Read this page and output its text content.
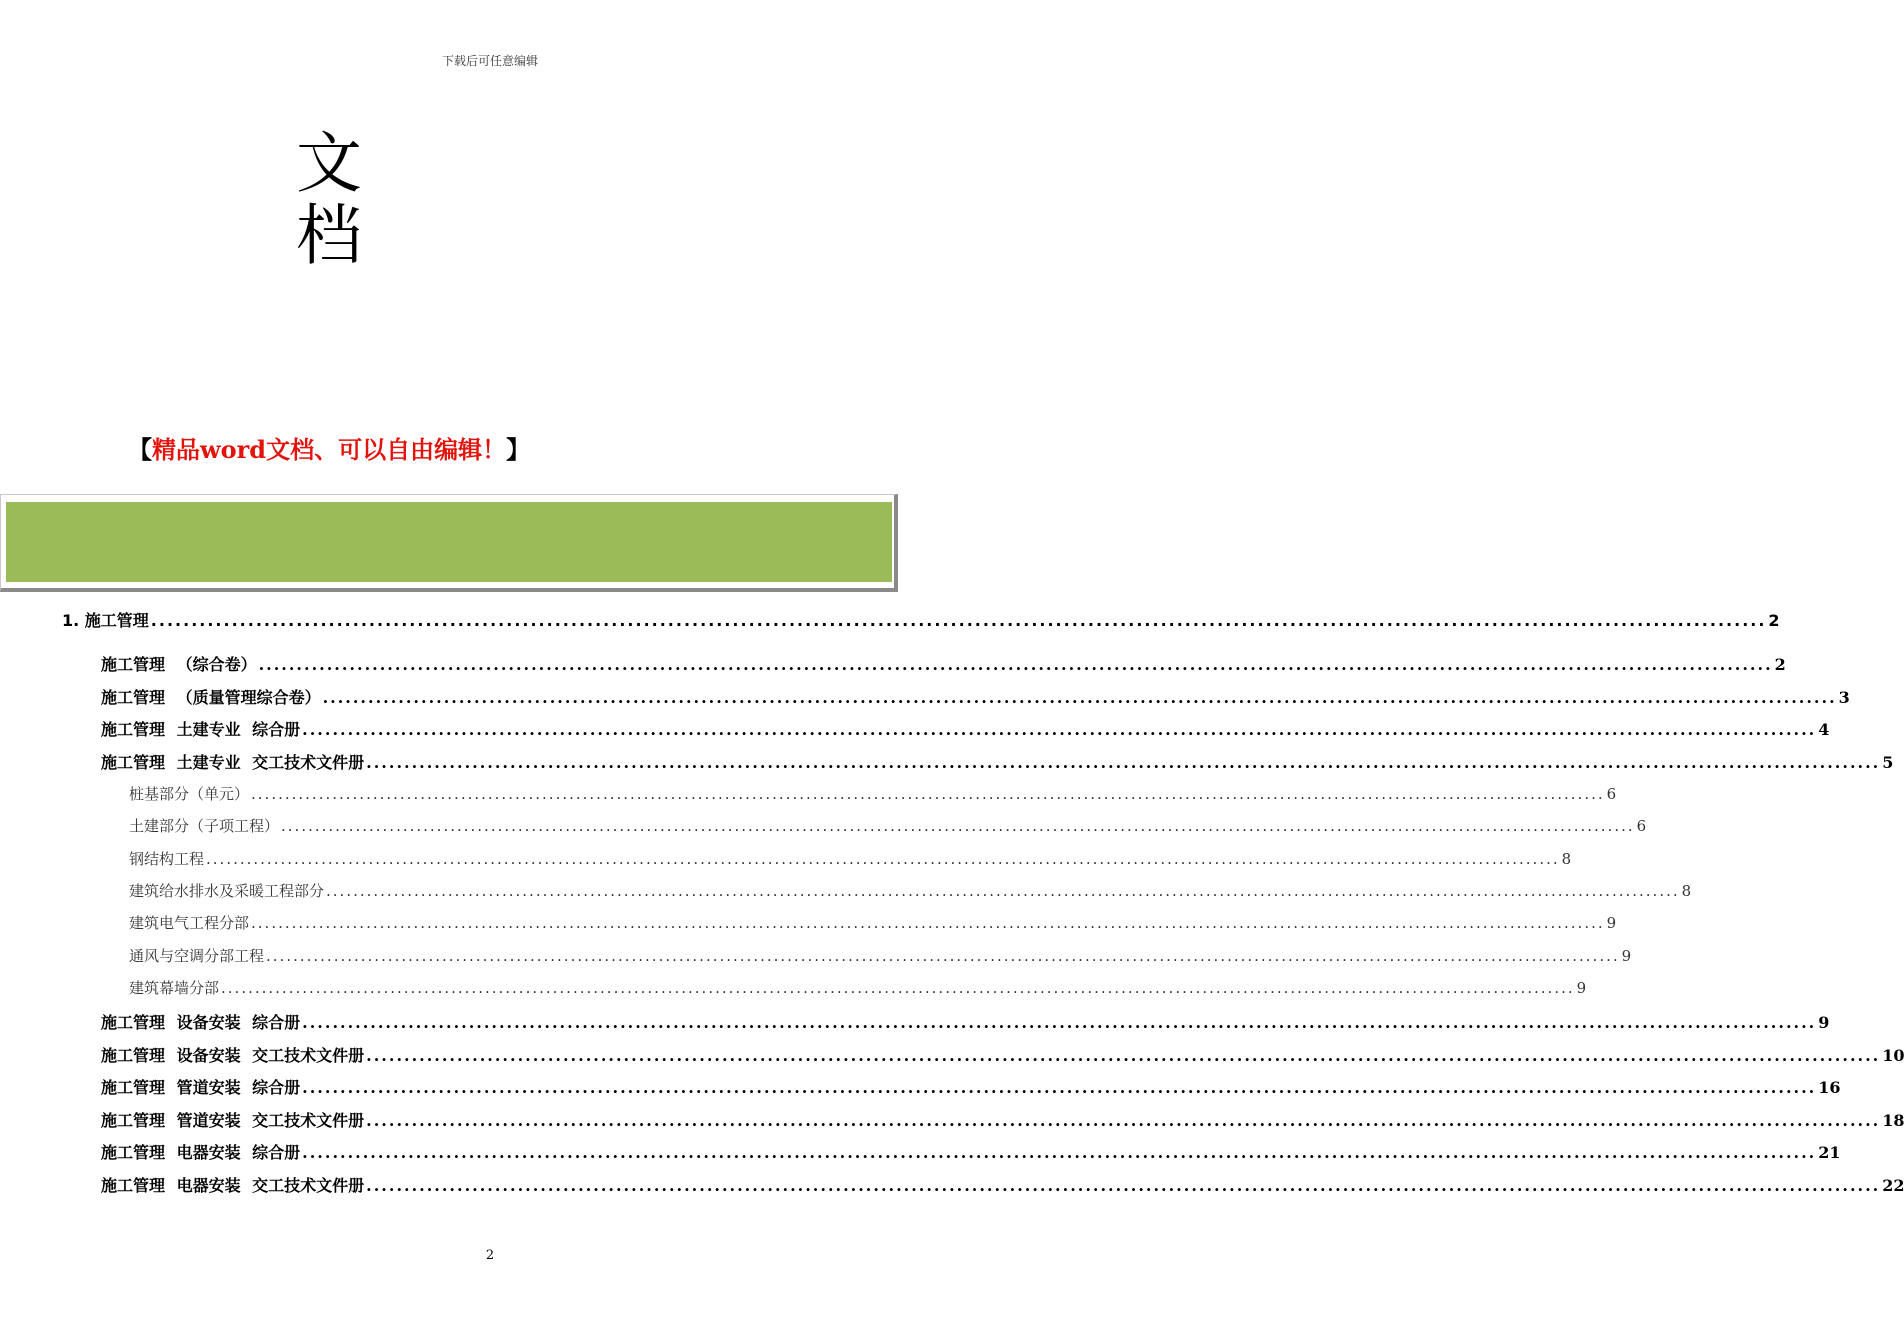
下载后可任意编辑
文
档
【精品word文档、可以自由编辑！】
1. 施工管理 ........................................................................................................................................................................................................ 2
施工管理 （综合卷） ........................................................................................................................................................................................................ 2
施工管理 （质量管理综合卷） ........................................................................................................................................................................................................ 3
施工管理 土建专业 综合册 ........................................................................................................................................................................................................ 4
施工管理 土建专业 交工技术文件册 ........................................................................................................................................................................................................ 5
桩基部分（单元） ........................................................................................................................................................................................................ 6
土建部分（子项工程） ........................................................................................................................................................................................................ 6
钢结构工程 ........................................................................................................................................................................................................ 8
建筑给水排水及采暖工程部分 ........................................................................................................................................................................................................ 8
建筑电气工程分部 ........................................................................................................................................................................................................ 9
通风与空调分部工程 ........................................................................................................................................................................................................ 9
建筑幕墙分部 ........................................................................................................................................................................................................ 9
施工管理 设备安装 综合册 ........................................................................................................................................................................................................ 9
施工管理 设备安装 交工技术文件册 ........................................................................................................................................................................................................ 10
施工管理 管道安装 综合册 ........................................................................................................................................................................................................ 16
施工管理 管道安装 交工技术文件册 ........................................................................................................................................................................................................ 18
施工管理 电器安装 综合册 ........................................................................................................................................................................................................ 21
施工管理 电器安装 交工技术文件册 ........................................................................................................................................................................................................ 22
2
